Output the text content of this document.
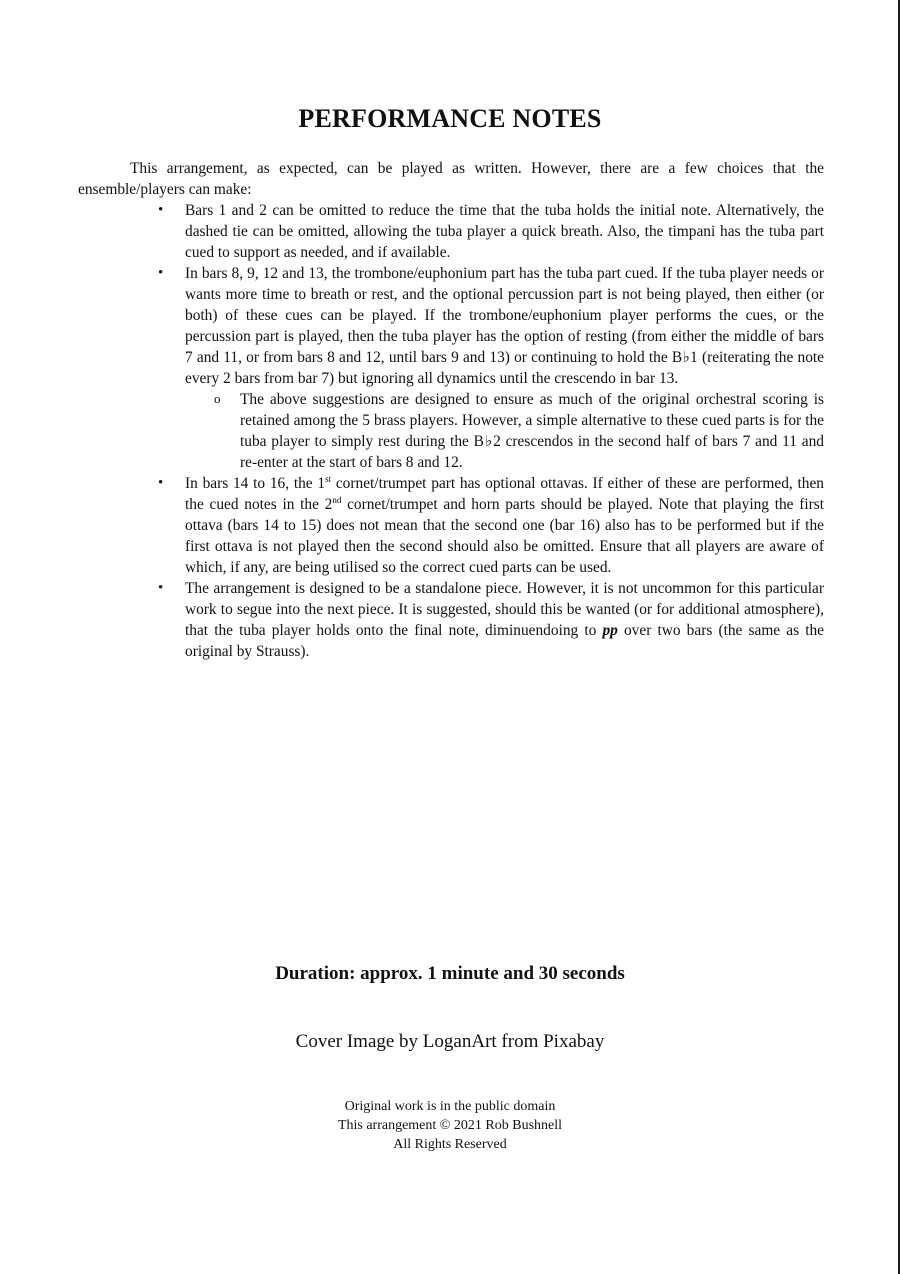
PERFORMANCE NOTES

This arrangement, as expected, can be played as written. However, there are a few choices that the ensemble/players can make:

• Bars 1 and 2 can be omitted to reduce the time that the tuba holds the initial note. Alternatively, the dashed tie can be omitted, allowing the tuba player a quick breath. Also, the timpani has the tuba part cued to support as needed, and if available.
• In bars 8, 9, 12 and 13, the trombone/euphonium part has the tuba part cued. If the tuba player needs or wants more time to breath or rest, and the optional percussion part is not being played, then either (or both) of these cues can be played. If the trombone/euphonium player performs the cues, or the percussion part is played, then the tuba player has the option of resting (from either the middle of bars 7 and 11, or from bars 8 and 12, until bars 9 and 13) or continuing to hold the B♭1 (reiterating the note every 2 bars from bar 7) but ignoring all dynamics until the crescendo in bar 13.
o The above suggestions are designed to ensure as much of the original orchestral scoring is retained among the 5 brass players. However, a simple alternative to these cued parts is for the tuba player to simply rest during the B♭2 crescendos in the second half of bars 7 and 11 and re-enter at the start of bars 8 and 12.
• In bars 14 to 16, the 1st cornet/trumpet part has optional ottavas. If either of these are performed, then the cued notes in the 2nd cornet/trumpet and horn parts should be played. Note that playing the first ottava (bars 14 to 15) does not mean that the second one (bar 16) also has to be performed but if the first ottava is not played then the second should also be omitted. Ensure that all players are aware of which, if any, are being utilised so the correct cued parts can be used.
• The arrangement is designed to be a standalone piece. However, it is not uncommon for this particular work to segue into the next piece. It is suggested, should this be wanted (or for additional atmosphere), that the tuba player holds onto the final note, diminuendoing to pp over two bars (the same as the original by Strauss).
Duration: approx. 1 minute and 30 seconds
Cover Image by LoganArt from Pixabay
Original work is in the public domain
This arrangement © 2021 Rob Bushnell
All Rights Reserved
